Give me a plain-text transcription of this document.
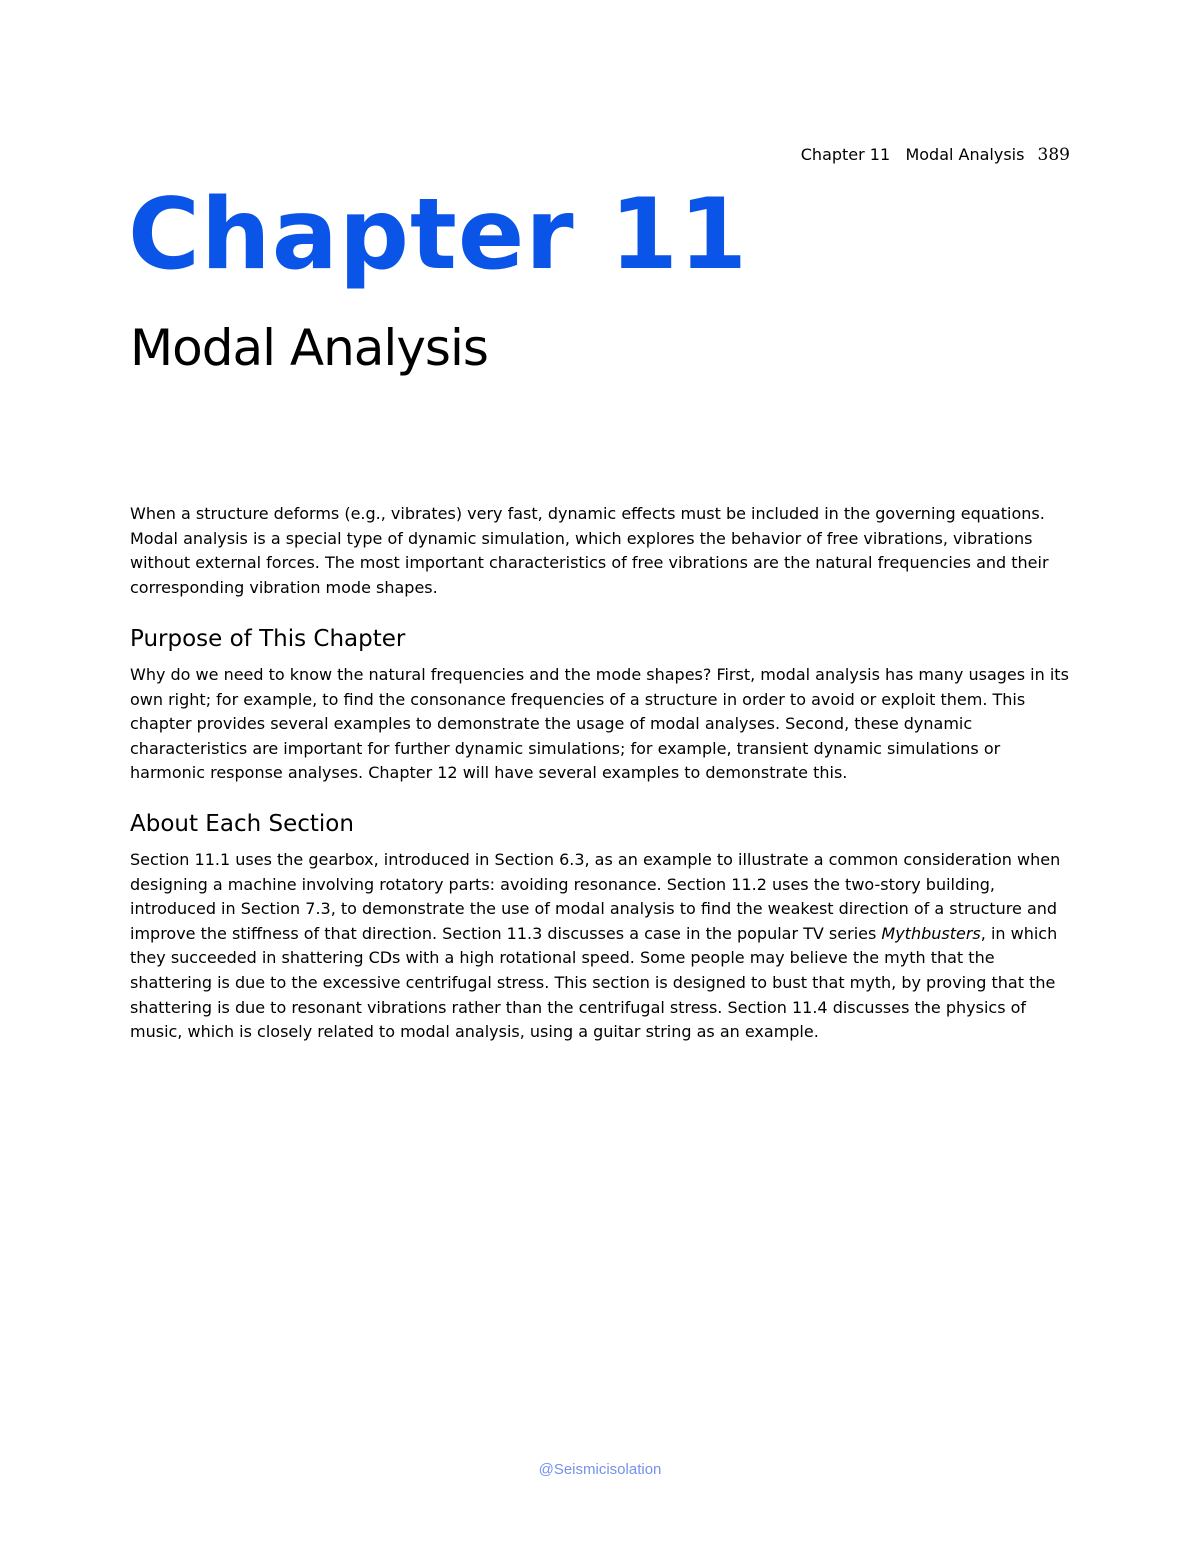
Chapter 11 Modal Analysis 389
Chapter 11
Modal Analysis

When a structure deforms (e.g., vibrates) very fast, dynamic effects must be included in the governing equations. Modal analysis is a special type of dynamic simulation, which explores the behavior of free vibrations, vibrations without external forces. The most important characteristics of free vibrations are the natural frequencies and their corresponding vibration mode shapes.

Purpose of This Chapter

Why do we need to know the natural frequencies and the mode shapes? First, modal analysis has many usages in its own right; for example, to find the consonance frequencies of a structure in order to avoid or exploit them. This chapter provides several examples to demonstrate the usage of modal analyses. Second, these dynamic characteristics are important for further dynamic simulations; for example, transient dynamic simulations or harmonic response analyses. Chapter 12 will have several examples to demonstrate this.

About Each Section

Section 11.1 uses the gearbox, introduced in Section 6.3, as an example to illustrate a common consideration when designing a machine involving rotatory parts: avoiding resonance. Section 11.2 uses the two-story building, introduced in Section 7.3, to demonstrate the use of modal analysis to find the weakest direction of a structure and improve the stiffness of that direction. Section 11.3 discusses a case in the popular TV series Mythbusters, in which they succeeded in shattering CDs with a high rotational speed. Some people may believe the myth that the shattering is due to the excessive centrifugal stress. This section is designed to bust that myth, by proving that the shattering is due to resonant vibrations rather than the centrifugal stress. Section 11.4 discusses the physics of music, which is closely related to modal analysis, using a guitar string as an example.

@Seismicisolation
